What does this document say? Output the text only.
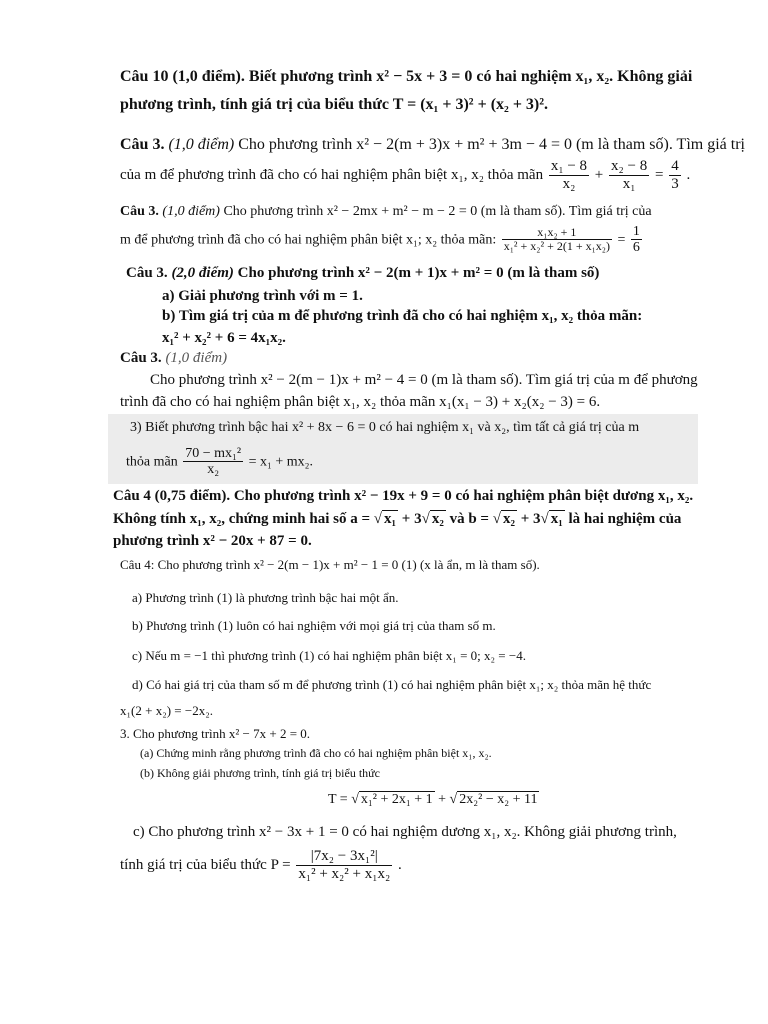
Câu 10 (1,0 điểm). Biết phương trình x² − 5x + 3 = 0 có hai nghiệm x₁, x₂. Không giải
phương trình, tính giá trị của biểu thức T = (x₁ + 3)² + (x₂ + 3)².
Câu 3. (1,0 điểm) Cho phương trình x² − 2(m + 3)x + m² + 3m − 4 = 0 (m là tham số). Tìm giá trị
của m để phương trình đã cho có hai nghiệm phân biệt x₁, x₂ thỏa mãn $\frac{\text{x₁ − 8}}{\text{x₂}} + \frac{\text{x₂ − 8}}{\text{x₁}} = \frac{4}{3}$ .
Câu 3. (1,0 điểm) Cho phương trình x² − 2mx + m² − m − 2 = 0 (m là tham số). Tìm giá trị của
m để phương trình đã cho có hai nghiệm phân biệt x₁; x₂ thỏa mãn: $\frac{\text{x₁x₂ + 1}}{\text{x₁² + x₂² + 2(1 + x₁x₂)}} = \frac{1}{6}$
Câu 3. (2,0 điểm) Cho phương trình x² − 2(m + 1)x + m² = 0 (m là tham số)
a) Giải phương trình với m = 1.
b) Tìm giá trị của m để phương trình đã cho có hai nghiệm x₁, x₂ thỏa mãn:
x₁² + x₂² + 6 = 4x₁x₂.
Câu 3. (1,0 điểm)
Cho phương trình x² − 2(m − 1)x + m² − 4 = 0 (m là tham số). Tìm giá trị của m để phương
trình đã cho có hai nghiệm phân biệt x₁, x₂ thỏa mãn x₁(x₁ − 3) + x₂(x₂ − 3) = 6.
3) Biết phương trình bậc hai x² + 8x − 6 = 0 có hai nghiệm x₁ và x₂, tìm tất cả giá trị của m
thỏa mãn $\frac{\text{70 − mx₁²}}{\text{x₂}} = x_1 + mx_2$.
Câu 4 (0,75 điểm). Cho phương trình x² − 19x + 9 = 0 có hai nghiệm phân biệt dương x₁, x₂.
Không tính x₁, x₂, chứng minh hai số a = √ x₁ + 3√ x₂ và b = √ x₂ + 3√ x₁ là hai nghiệm của
phương trình x² − 20x + 87 = 0.
Câu 4: Cho phương trình x² − 2(m − 1)x + m² − 1 = 0 (1) (x là ẩn, m là tham số).
a) Phương trình (1) là phương trình bậc hai một ẩn.
b) Phương trình (1) luôn có hai nghiệm với mọi giá trị của tham số m.
c) Nếu m = −1 thì phương trình (1) có hai nghiệm phân biệt x₁ = 0; x₂ = −4.
d) Có hai giá trị của tham số m để phương trình (1) có hai nghiệm phân biệt x₁; x₂ thỏa mãn hệ thức
x₁(2 + x₂) = −2x₂.
3. Cho phương trình x² − 7x + 2 = 0.
(a) Chứng minh rằng phương trình đã cho có hai nghiệm phân biệt x₁, x₂.
(b) Không giải phương trình, tính giá trị biểu thức
T = √ x₁² + 2x₁ + 1 + √ 2x₂² − x₂ + 11
c) Cho phương trình x² − 3x + 1 = 0 có hai nghiệm dương x₁, x₂. Không giải phương trình,
tính giá trị của biểu thức $P = \frac{\text{|7x₂ − 3x₁²|}}{\text{x₁² + x₂² + x₁x₂}}$ .
